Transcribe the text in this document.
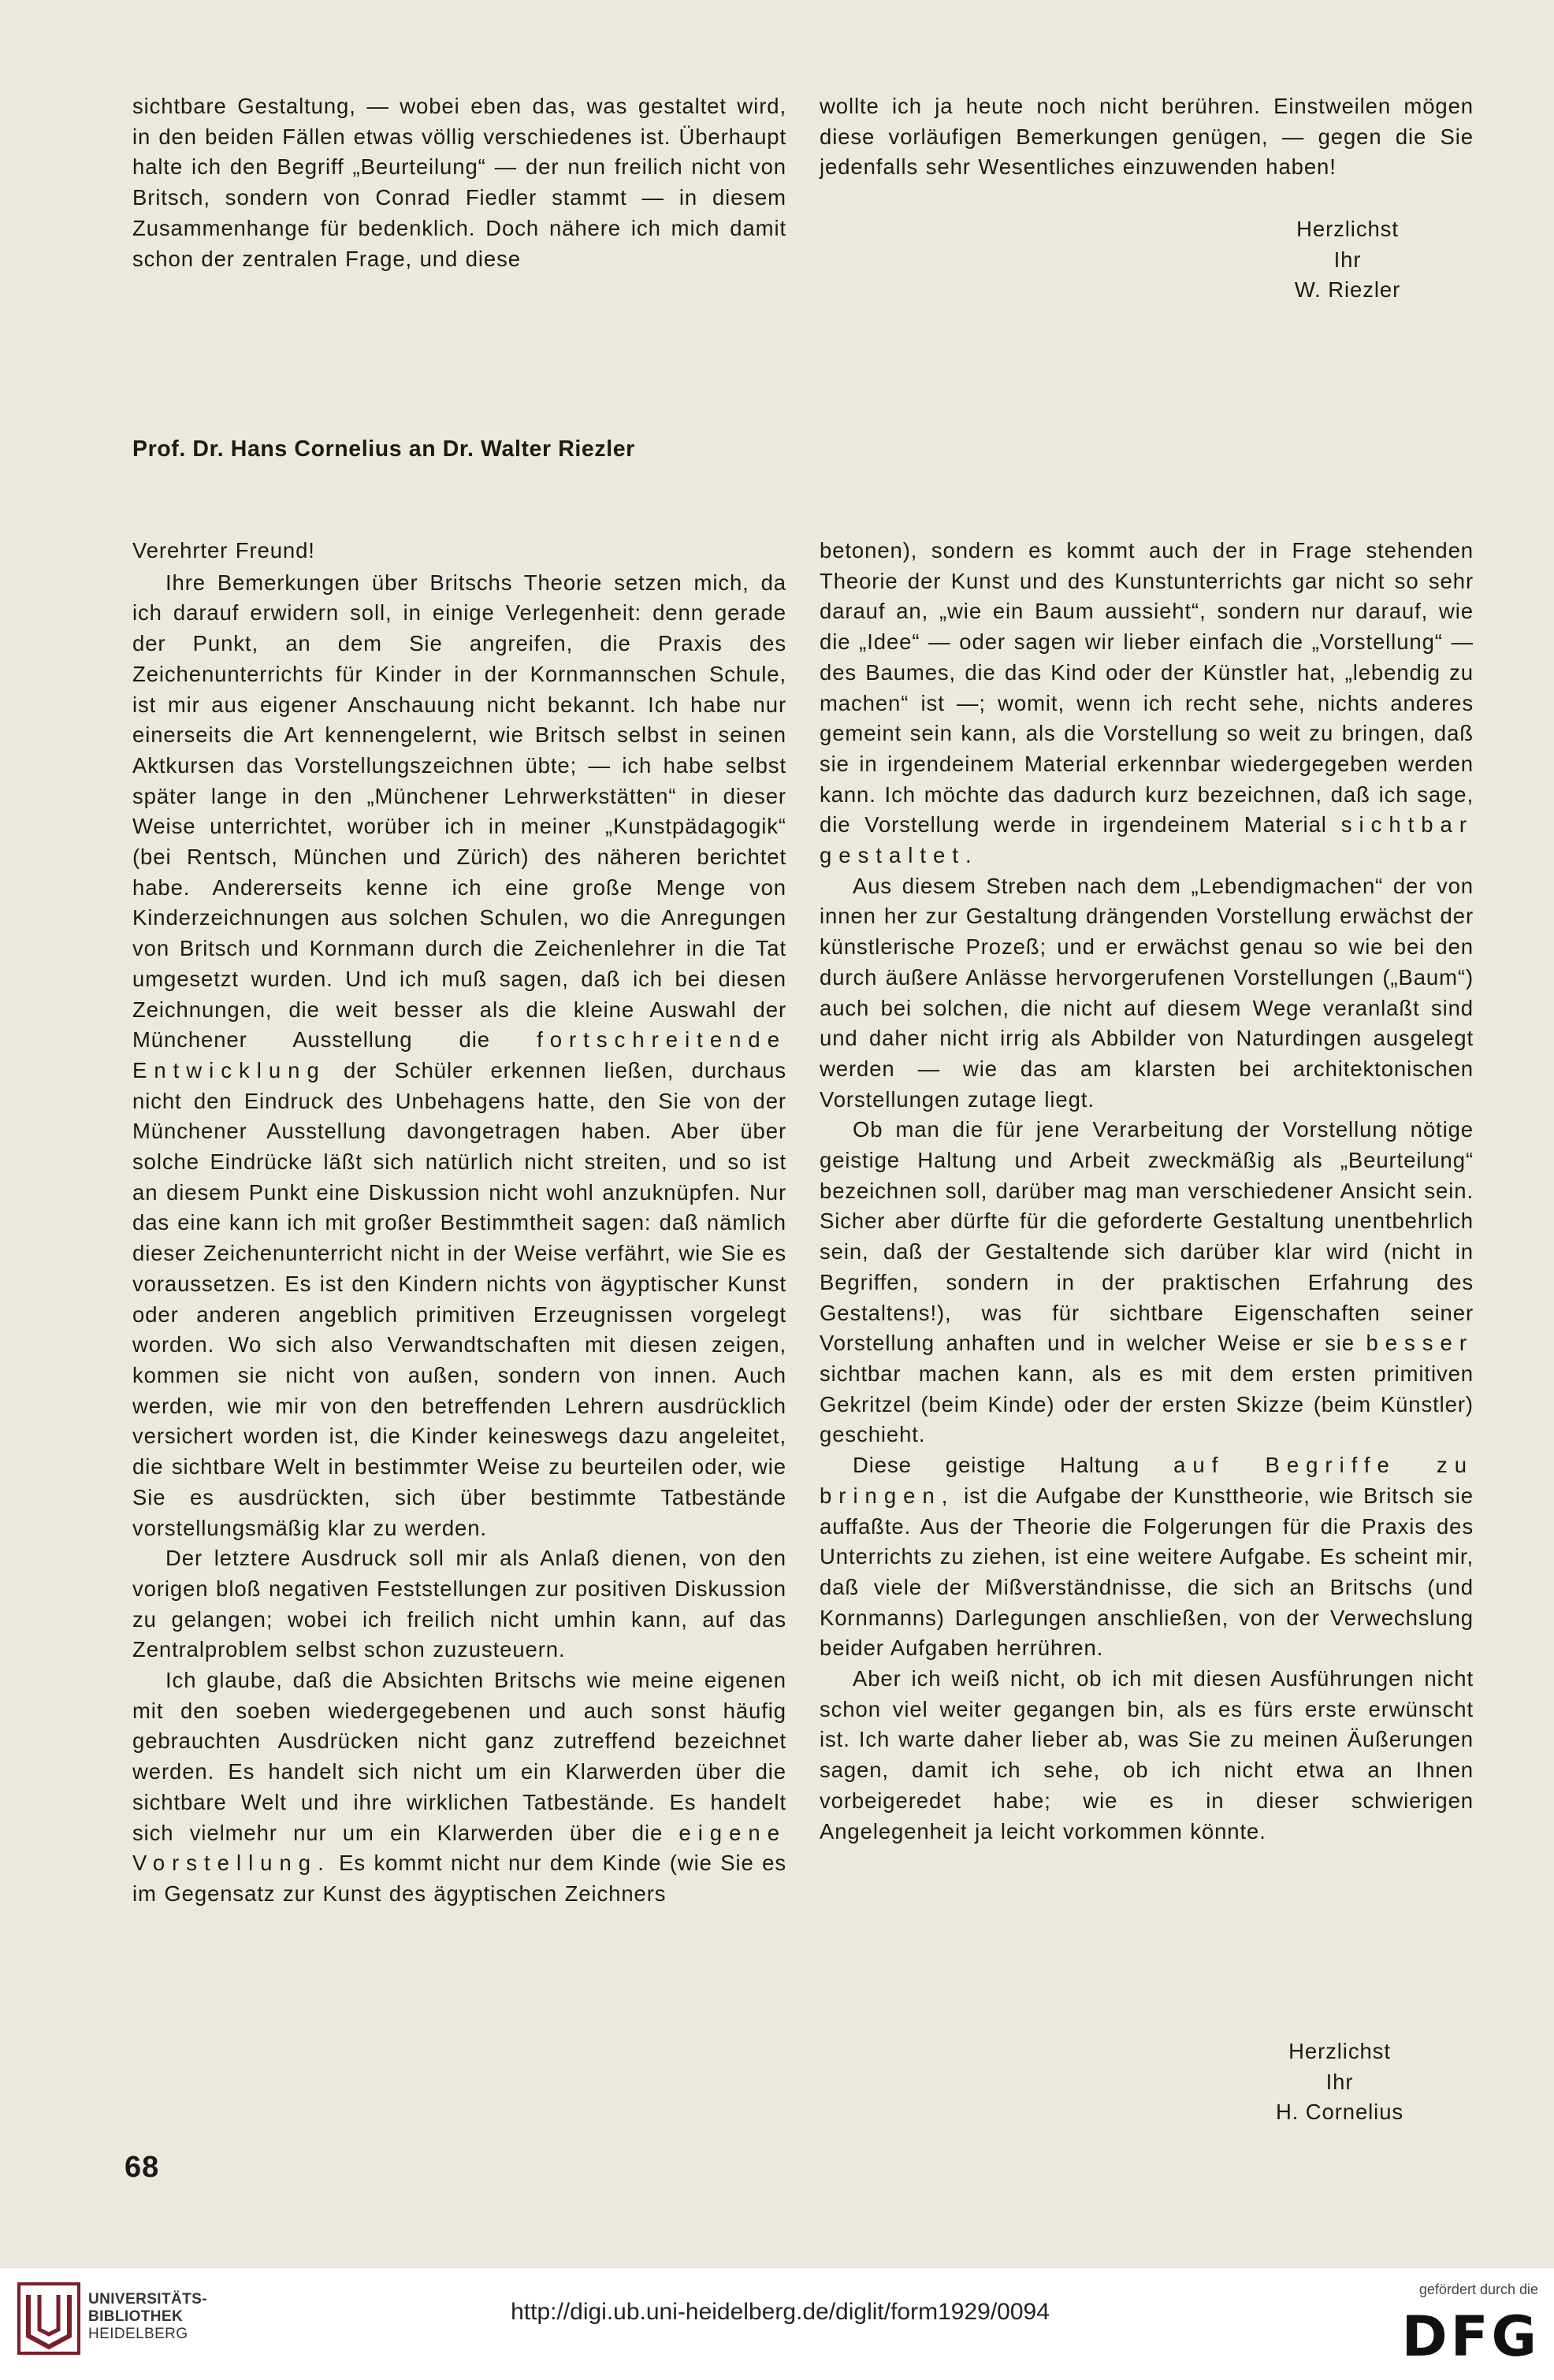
sichtbare Gestaltung, — wobei eben das, was gestaltet wird, in den beiden Fällen etwas völlig verschiedenes ist. Überhaupt halte ich den Begriff „Beurteilung“ — der nun freilich nicht von Britsch, sondern von Conrad Fiedler stammt — in diesem Zusammenhange für bedenklich. Doch nähere ich mich damit schon der zentralen Frage, und diese

wollte ich ja heute noch nicht berühren. Einstweilen mögen diese vorläufigen Bemerkungen genügen, — gegen die Sie jedenfalls sehr Wesentliches einzuwenden haben!

Herzlichst
Ihr
W. Riezler
Prof. Dr. Hans Cornelius an Dr. Walter Riezler

Verehrter Freund!

Ihre Bemerkungen über Britschs Theorie setzen mich, da ich darauf erwidern soll, in einige Verlegenheit: denn gerade der Punkt, an dem Sie angreifen, die Praxis des Zeichenunterrichts für Kinder in der Kornmannschen Schule, ist mir aus eigener Anschauung nicht bekannt. Ich habe nur einerseits die Art kennengelernt, wie Britsch selbst in seinen Aktkursen das Vorstellungszeichnen übte; — ich habe selbst später lange in den „Münchener Lehrwerkstätten“ in dieser Weise unterrichtet, worüber ich in meiner „Kunstpädagogik“ (bei Rentsch, München und Zürich) des näheren berichtet habe. Andererseits kenne ich eine große Menge von Kinderzeichnungen aus solchen Schulen, wo die Anregungen von Britsch und Kornmann durch die Zeichenlehrer in die Tat umgesetzt wurden. Und ich muß sagen, daß ich bei diesen Zeichnungen, die weit besser als die kleine Auswahl der Münchener Ausstellung die fortschreitende Entwicklung der Schüler erkennen ließen, durchaus nicht den Eindruck des Unbehagens hatte, den Sie von der Münchener Ausstellung davongetragen haben. Aber über solche Eindrücke läßt sich natürlich nicht streiten, und so ist an diesem Punkt eine Diskussion nicht wohl anzuknüpfen. Nur das eine kann ich mit großer Bestimmtheit sagen: daß nämlich dieser Zeichenunterricht nicht in der Weise verfährt, wie Sie es voraussetzen. Es ist den Kindern nichts von ägyptischer Kunst oder anderen angeblich primitiven Erzeugnissen vorgelegt worden. Wo sich also Verwandtschaften mit diesen zeigen, kommen sie nicht von außen, sondern von innen. Auch werden, wie mir von den betreffenden Lehrern ausdrücklich versichert worden ist, die Kinder keineswegs dazu angeleitet, die sichtbare Welt in bestimmter Weise zu beurteilen oder, wie Sie es ausdrückten, sich über bestimmte Tatbestände vorstellungsmäßig klar zu werden.

Der letztere Ausdruck soll mir als Anlaß dienen, von den vorigen bloß negativen Feststellungen zur positiven Diskussion zu gelangen; wobei ich freilich nicht umhin kann, auf das Zentralproblem selbst schon zuzusteuern.

Ich glaube, daß die Absichten Britschs wie meine eigenen mit den soeben wiedergegebenen und auch sonst häufig gebrauchten Ausdrücken nicht ganz zutreffend bezeichnet werden. Es handelt sich nicht um ein Klarwerden über die sichtbare Welt und ihre wirklichen Tatbestände. Es handelt sich vielmehr nur um ein Klarwerden über die eigene Vorstellung. Es kommt nicht nur dem Kinde (wie Sie es im Gegensatz zur Kunst des ägyptischen Zeichners

betonen), sondern es kommt auch der in Frage stehenden Theorie der Kunst und des Kunstunterrichts gar nicht so sehr darauf an, „wie ein Baum aussieht“, sondern nur darauf, wie die „Idee“ — oder sagen wir lieber einfach die „Vorstellung“ — des Baumes, die das Kind oder der Künstler hat, „lebendig zu machen“ ist —; womit, wenn ich recht sehe, nichts anderes gemeint sein kann, als die Vorstellung so weit zu bringen, daß sie in irgendeinem Material erkennbar wiedergegeben werden kann. Ich möchte das dadurch kurz bezeichnen, daß ich sage, die Vorstellung werde in irgendeinem Material sichtbar gestaltet.

Aus diesem Streben nach dem „Lebendigmachen“ der von innen her zur Gestaltung drängenden Vorstellung erwächst der künstlerische Prozeß; und er erwächst genau so wie bei den durch äußere Anlässe hervorgerufenen Vorstellungen („Baum“) auch bei solchen, die nicht auf diesem Wege veranlaßt sind und daher nicht irrig als Abbilder von Naturdingen ausgelegt werden — wie das am klarsten bei architektonischen Vorstellungen zutage liegt.

Ob man die für jene Verarbeitung der Vorstellung nötige geistige Haltung und Arbeit zweckmäßig als „Beurteilung“ bezeichnen soll, darüber mag man verschiedener Ansicht sein. Sicher aber dürfte für die geforderte Gestaltung unentbehrlich sein, daß der Gestaltende sich darüber klar wird (nicht in Begriffen, sondern in der praktischen Erfahrung des Gestaltens!), was für sichtbare Eigenschaften seiner Vorstellung anhaften und in welcher Weise er sie besser sichtbar machen kann, als es mit dem ersten primitiven Gekritzel (beim Kinde) oder der ersten Skizze (beim Künstler) geschieht.

Diese geistige Haltung auf Begriffe zu bringen, ist die Aufgabe der Kunsttheorie, wie Britsch sie auffaßte. Aus der Theorie die Folgerungen für die Praxis des Unterrichts zu ziehen, ist eine weitere Aufgabe. Es scheint mir, daß viele der Mißverständnisse, die sich an Britschs (und Kornmanns) Darlegungen anschließen, von der Verwechslung beider Aufgaben herrühren.

Aber ich weiß nicht, ob ich mit diesen Ausführungen nicht schon viel weiter gegangen bin, als es fürs erste erwünscht ist. Ich warte daher lieber ab, was Sie zu meinen Äußerungen sagen, damit ich sehe, ob ich nicht etwa an Ihnen vorbeigeredet habe; wie es in dieser schwierigen Angelegenheit ja leicht vorkommen könnte.

Herzlichst
Ihr
H. Cornelius
68
UNIVERSITÄTS-
BIBLIOTHEK
HEIDELBERG
http://digi.ub.uni-heidelberg.de/diglit/form1929/0094
gefördert durch die
DFG
